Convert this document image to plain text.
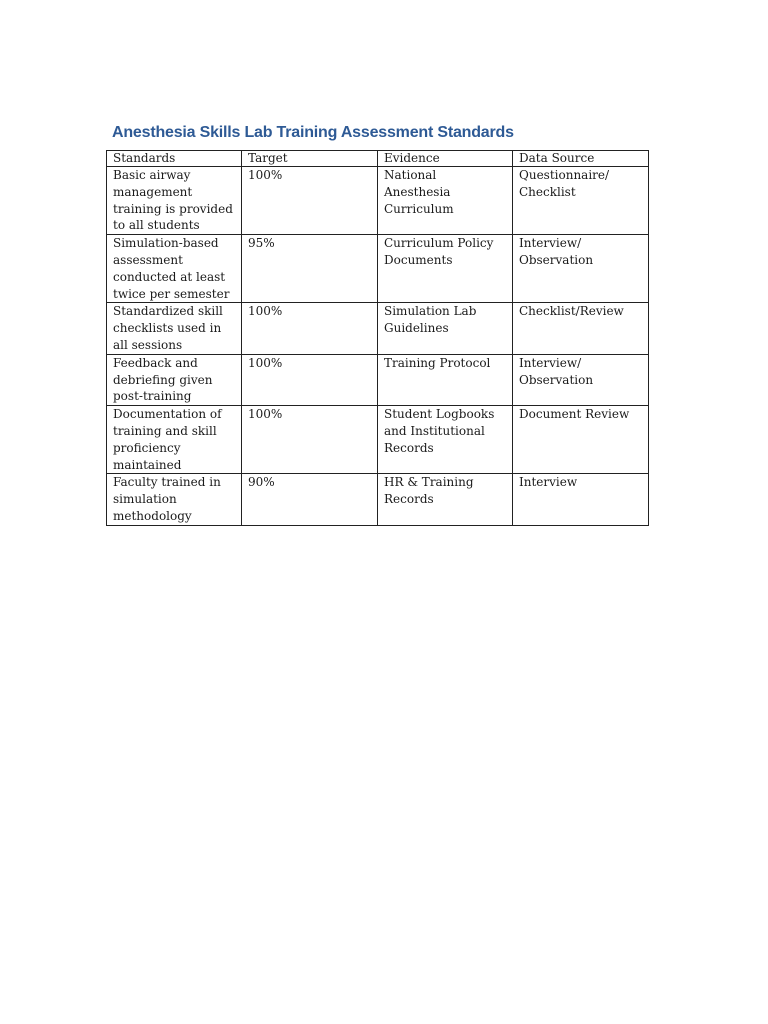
Anesthesia Skills Lab Training Assessment Standards
Standards	Target	Evidence	Data Source
Basic airway management training is provided to all students	100%	National Anesthesia Curriculum	Questionnaire/ Checklist
Simulation-based assessment conducted at least twice per semester	95%	Curriculum Policy Documents	Interview/ Observation
Standardized skill checklists used in all sessions	100%	Simulation Lab Guidelines	Checklist/Review
Feedback and debriefing given post-training	100%	Training Protocol	Interview/ Observation
Documentation of training and skill proficiency maintained	100%	Student Logbooks and Institutional Records	Document Review
Faculty trained in simulation methodology	90%	HR & Training Records	Interview
